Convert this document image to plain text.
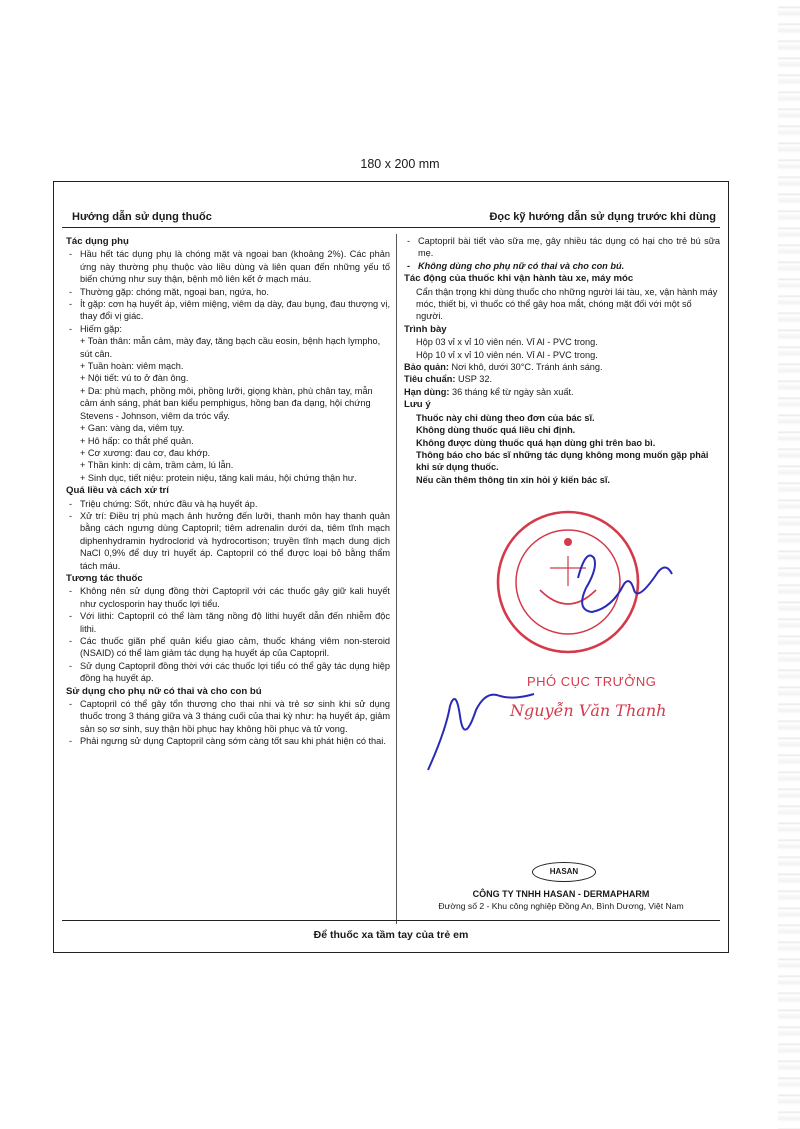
180 x 200 mm
Hướng dẫn sử dụng thuốc	Đọc kỹ hướng dẫn sử dụng trước khi dùng
Tác dụng phụ
- Hầu hết tác dụng phụ là chóng mặt và ngoại ban (khoảng 2%). Các phản ứng này thường phụ thuộc vào liều dùng và liên quan đến những yếu tố biến chứng như suy thận, bệnh mô liên kết ở mạch máu.
- Thường gặp: chóng mặt, ngoại ban, ngứa, ho.
- Ít gặp: cơn hạ huyết áp, viêm miệng, viêm dạ dày, đau bụng, đau thượng vị, thay đổi vị giác.
- Hiếm gặp:
+ Toàn thân: mẫn cảm, mày đay, tăng bạch cầu eosin, bệnh hạch lympho, sút cân.
+ Tuần hoàn: viêm mạch.
+ Nội tiết: vú to ở đàn ông.
+ Da: phù mạch, phồng môi, phồng lưỡi, giọng khàn, phù chân tay, mẫn cảm ánh sáng, phát ban kiểu pemphigus, hồng ban đa dạng, hội chứng Stevens - Johnson, viêm da tróc vẩy.
+ Gan: vàng da, viêm tụy.
+ Hô hấp: co thắt phế quản.
+ Cơ xương: đau cơ, đau khớp.
+ Thần kinh: dị cảm, trầm cảm, lú lẫn.
+ Sinh dục, tiết niệu: protein niệu, tăng kali máu, hội chứng thận hư.
Quá liều và cách xử trí
- Triệu chứng: Sốt, nhức đầu và hạ huyết áp.
- Xử trí: Điều trị phù mạch ảnh hưởng đến lưỡi, thanh môn hay thanh quản bằng cách ngưng dùng Captopril; tiêm adrenalin dưới da, tiêm tĩnh mạch diphenhydramin hydroclorid và hydrocortison; truyền tĩnh mạch dung dịch NaCl 0,9% để duy trì huyết áp. Captopril có thể được loại bỏ bằng thẩm tách máu.
Tương tác thuốc
- Không nên sử dụng đồng thời Captopril với các thuốc gây giữ kali huyết như cyclosporin hay thuốc lợi tiểu.
- Với lithi: Captopril có thể làm tăng nồng độ lithi huyết dẫn đến nhiễm độc lithi.
- Các thuốc giãn phế quản kiểu giao cảm, thuốc kháng viêm non-steroid (NSAID) có thể làm giảm tác dụng hạ huyết áp của Captopril.
- Sử dụng Captopril đồng thời với các thuốc lợi tiểu có thể gây tác dụng hiệp đồng hạ huyết áp.
Sử dụng cho phụ nữ có thai và cho con bú
- Captopril có thể gây tổn thương cho thai nhi và trẻ sơ sinh khi sử dụng thuốc trong 3 tháng giữa và 3 tháng cuối của thai kỳ như: hạ huyết áp, giảm sản sọ sơ sinh, suy thận hồi phục hay không hồi phục và tử vong.
- Phải ngưng sử dụng Captopril càng sớm càng tốt sau khi phát hiện có thai.
- Captopril bài tiết vào sữa mẹ, gây nhiều tác dụng có hại cho trẻ bú sữa mẹ.
- Không dùng cho phụ nữ có thai và cho con bú.
Tác động của thuốc khi vận hành tàu xe, máy móc
Cẩn thận trọng khi dùng thuốc cho những người lái tàu, xe, vận hành máy móc, thiết bị, vì thuốc có thể gây hoa mắt, chóng mặt đối với một số người.
Trình bày
Hộp 03 vỉ x vỉ 10 viên nén. Vỉ Al - PVC trong.
Hộp 10 vỉ x vỉ 10 viên nén. Vỉ Al - PVC trong.
Bảo quản: Nơi khô, dưới 30°C. Tránh ánh sáng.
Tiêu chuẩn: USP 32.
Hạn dùng: 36 tháng kể từ ngày sản xuất.
Lưu ý
Thuốc này chỉ dùng theo đơn của bác sĩ.
Không dùng thuốc quá liều chỉ định.
Không được dùng thuốc quá hạn dùng ghi trên bao bì.
Thông báo cho bác sĩ những tác dụng không mong muốn gặp phải khi sử dụng thuốc.
Nếu cần thêm thông tin xin hỏi ý kiến bác sĩ.
HASAN
CÔNG TY TNHH HASAN - DERMAPHARM
Đường số 2 - Khu công nghiệp Đồng An, Bình Dương, Việt Nam
Để thuốc xa tầm tay của trẻ em
PHÓ CỤC TRƯỞNG
Nguyễn Văn Thanh
